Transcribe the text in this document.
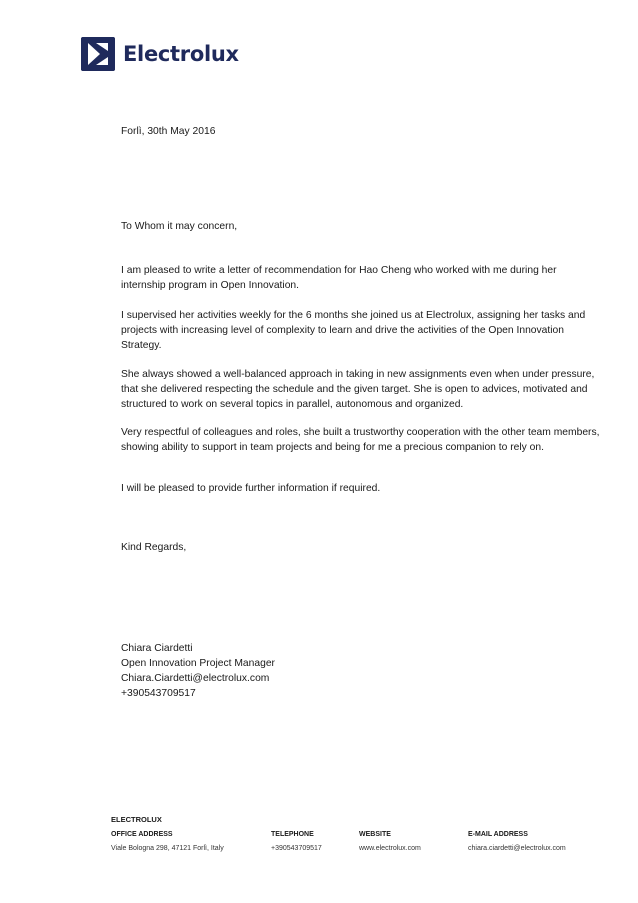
Electrolux

Forlì, 30th May 2016

To Whom it may concern,

I am pleased to write a letter of recommendation for Hao Cheng who worked with me during her internship program in Open Innovation.

I supervised her activities weekly for the 6 months she joined us at Electrolux, assigning her tasks and projects with increasing level of complexity to learn and drive the activities of the Open Innovation Strategy.

She always showed a well-balanced approach in taking in new assignments even when under pressure, that she delivered respecting the schedule and the given target. She is open to advices, motivated and structured to work on several topics in parallel, autonomous and organized.

Very respectful of colleagues and roles, she built a trustworthy cooperation with the other team members, showing ability to support in team projects and being for me a precious companion to rely on.

I will be pleased to provide further information if required.

Kind Regards,

Chiara Ciardetti
Open Innovation Project Manager
Chiara.Ciardetti@electrolux.com
+390543709517
ELECTROLUX
OFFICE ADDRESS
Viale Bologna 298, 47121 Forlì, Italy
TELEPHONE
+390543709517
WEBSITE
www.electrolux.com
E-MAIL ADDRESS
chiara.ciardetti@electrolux.com
